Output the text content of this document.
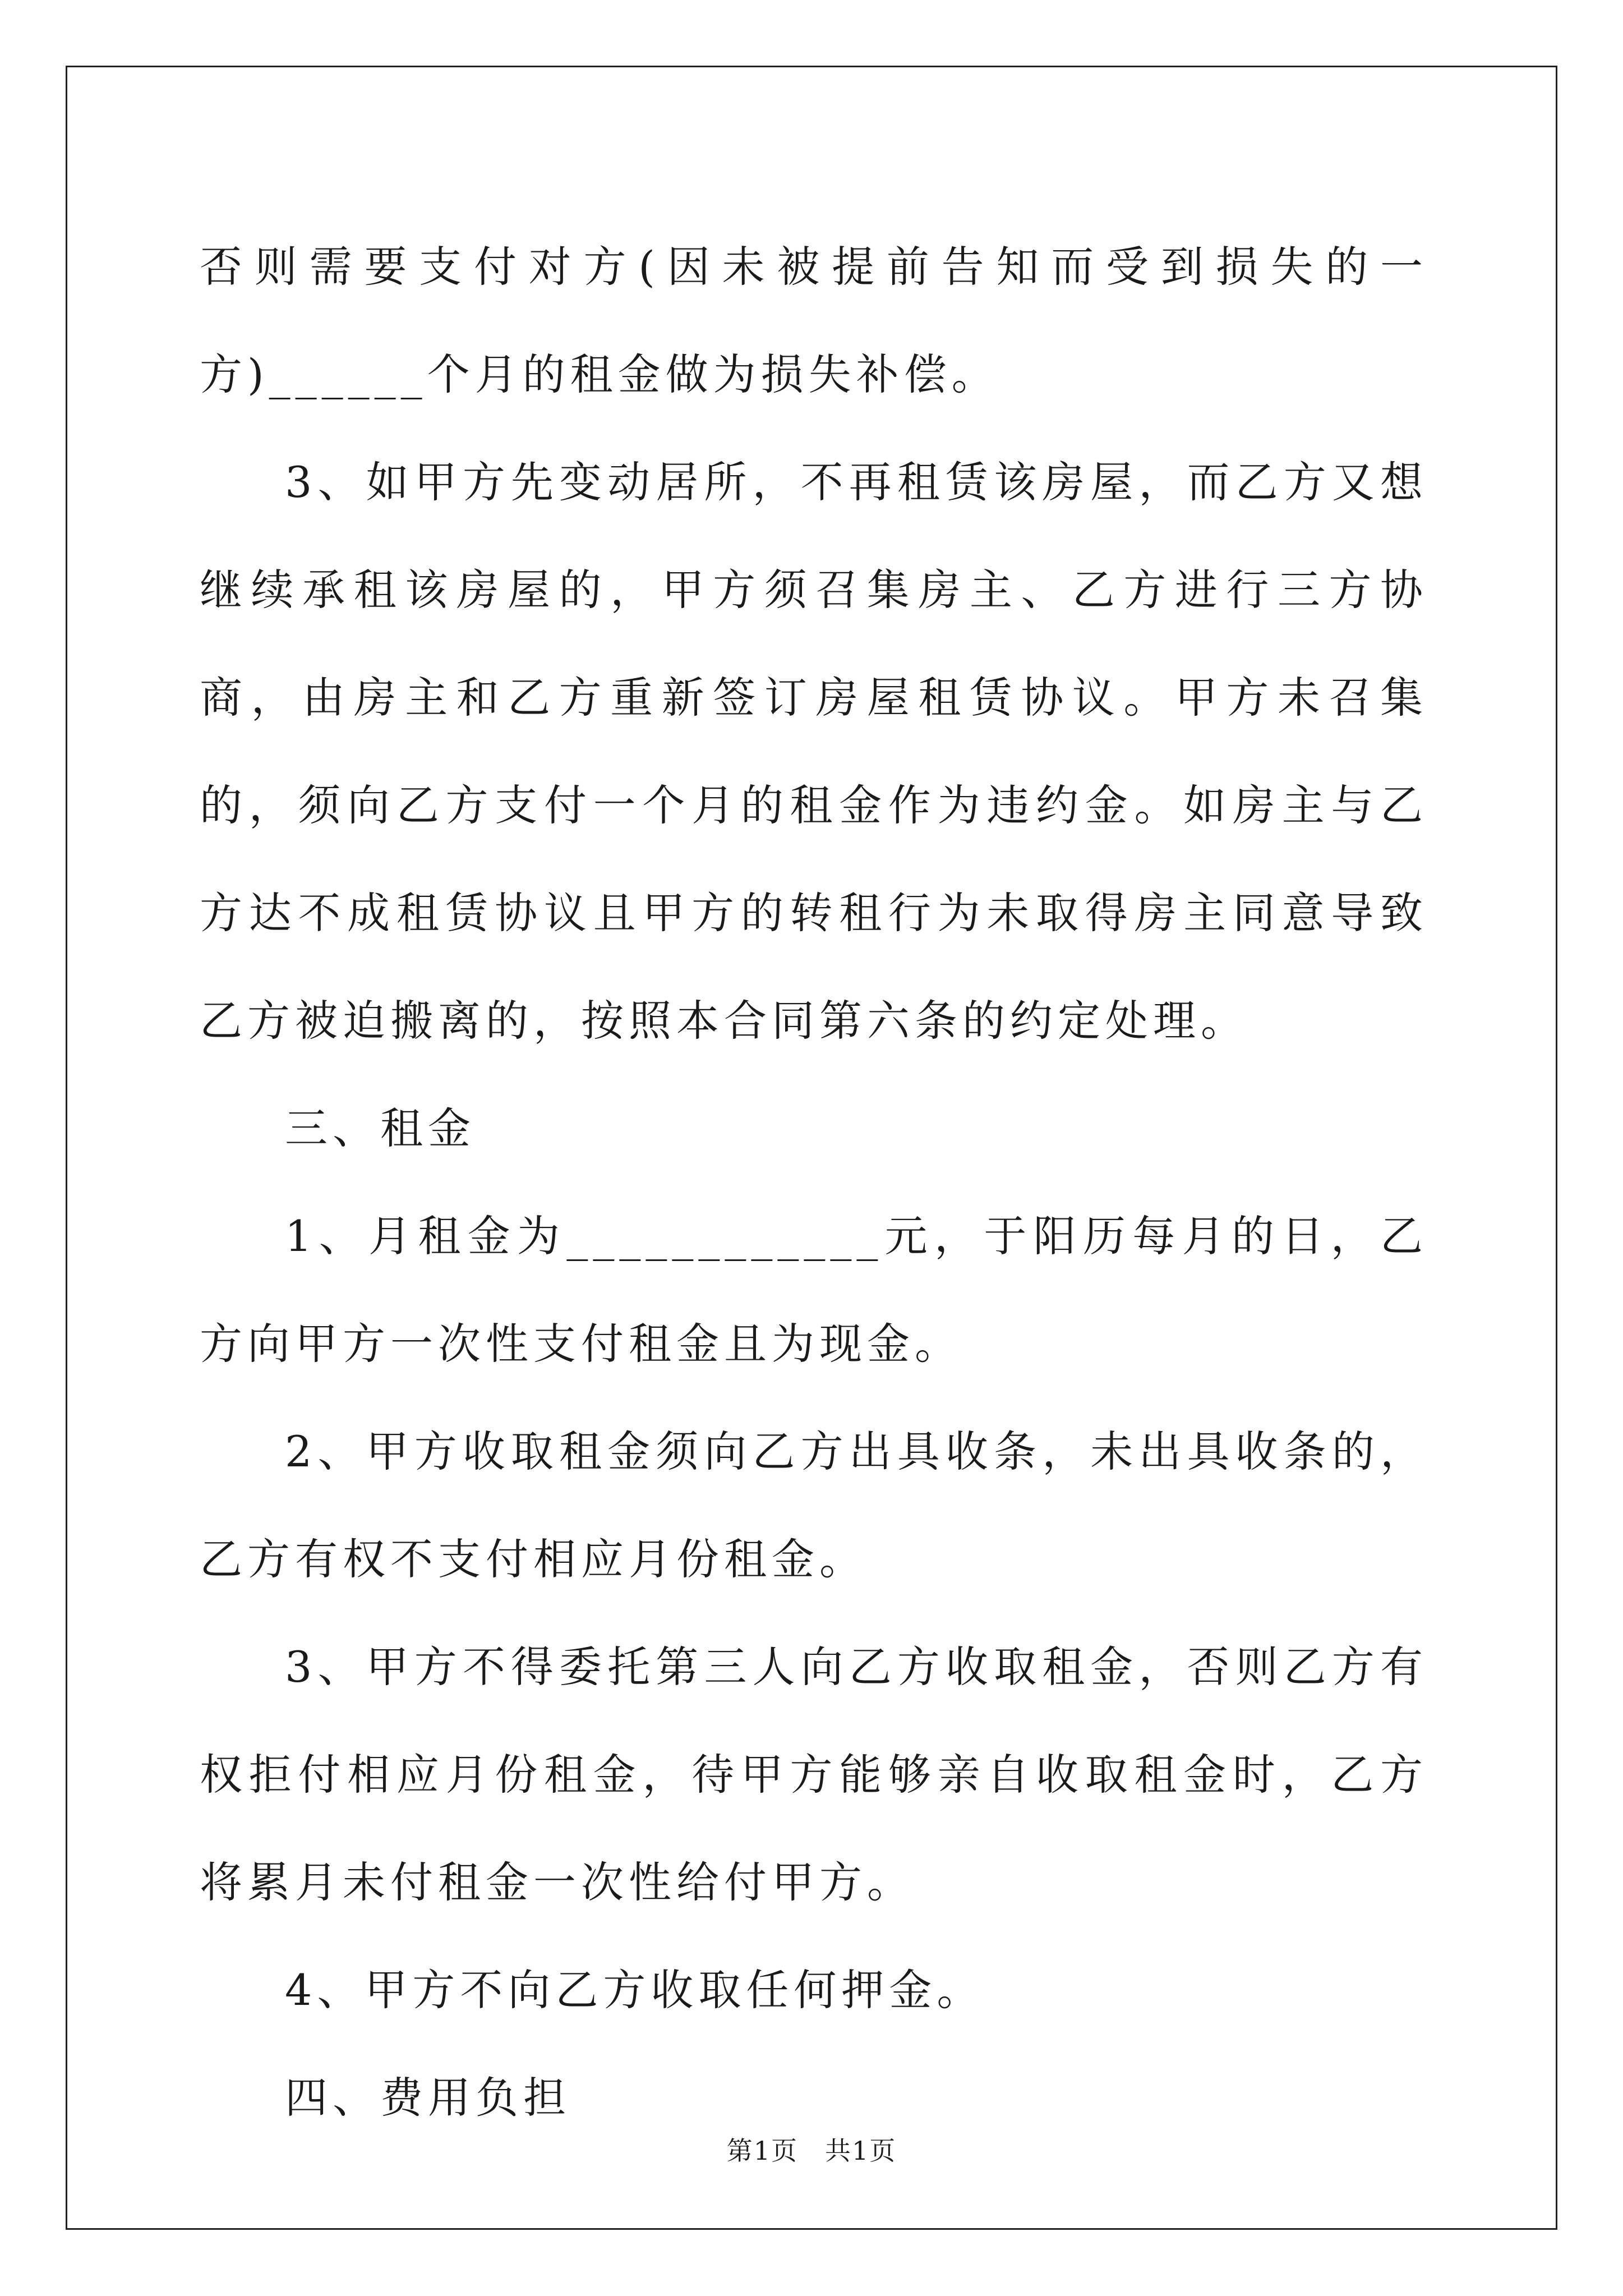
否则需要支付对方(因未被提前告知而受到损失的一方)______个月的租金做为损失补偿。

3、如甲方先变动居所，不再租赁该房屋，而乙方又想继续承租该房屋的，甲方须召集房主、乙方进行三方协商，由房主和乙方重新签订房屋租赁协议。甲方未召集的，须向乙方支付一个月的租金作为违约金。如房主与乙方达不成租赁协议且甲方的转租行为未取得房主同意导致乙方被迫搬离的，按照本合同第六条的约定处理。

三、租金

1、月租金为____________元，于阳历每月的日，乙方向甲方一次性支付租金且为现金。

2、甲方收取租金须向乙方出具收条，未出具收条的，乙方有权不支付相应月份租金。

3、甲方不得委托第三人向乙方收取租金，否则乙方有权拒付相应月份租金，待甲方能够亲自收取租金时，乙方将累月未付租金一次性给付甲方。

4、甲方不向乙方收取任何押金。

四、费用负担

第1页　共1页
